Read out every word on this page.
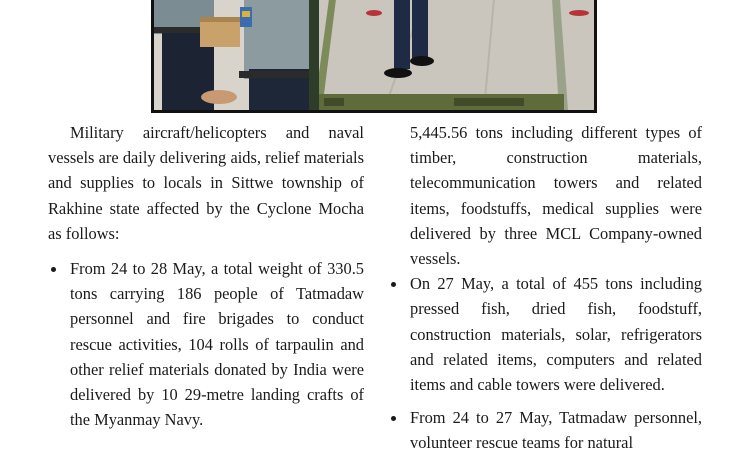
Military aircraft/helicopters and naval vessels are daily delivering aids, relief materials and supplies to locals in Sittwe township of Rakhine state affected by the Cyclone Mocha as follows:

From 24 to 28 May, a total weight of 330.5 tons carrying 186 people of Tatmadaw personnel and fire brigades to conduct rescue activities, 104 rolls of tarpaulin and other relief materials donated by India were delivered by 10 29-metre landing crafts of the Myanmay Navy.

5,445.56 tons including different types of timber, construction materials, telecommunication towers and related items, foodstuffs, medical supplies were delivered by three MCL Company-owned vessels.

On 27 May, a total of 455 tons including pressed fish, dried fish, foodstuff, construction materials, solar, refrigerators and related items, computers and related items and cable towers were delivered.
From 24 to 27 May, Tatmadaw personnel, volunteer rescue teams for natural
